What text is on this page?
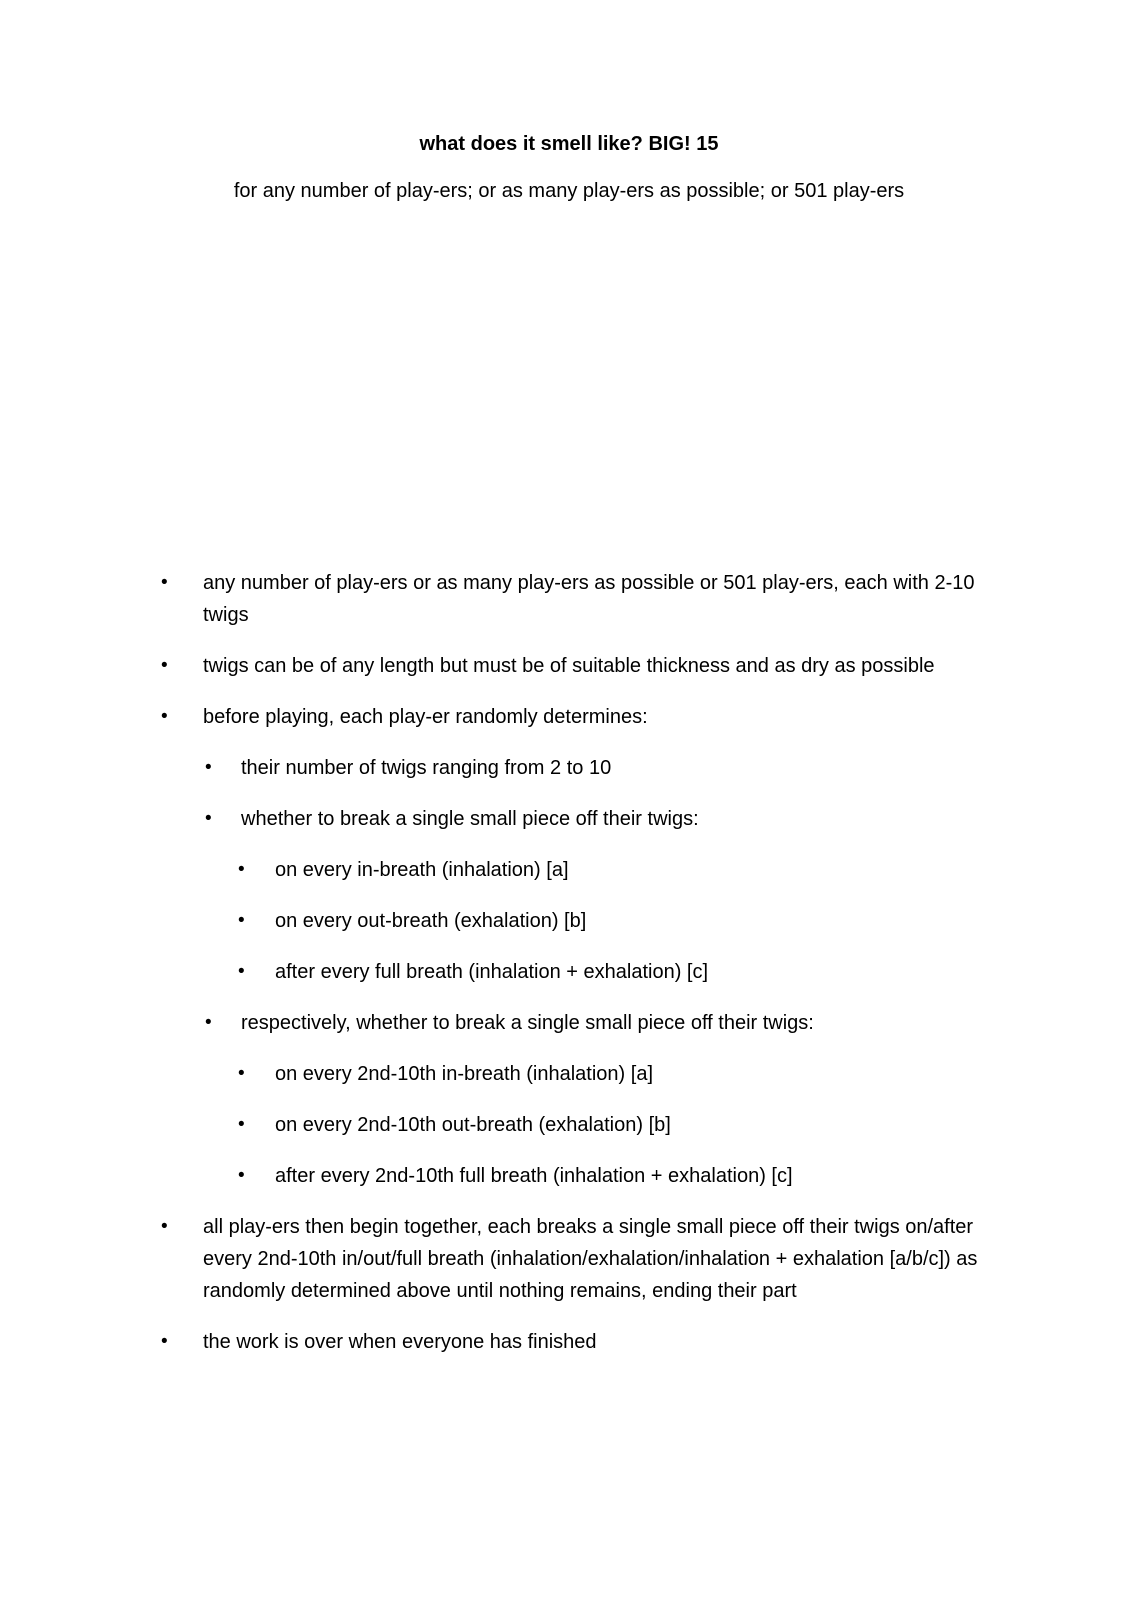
what does it smell like? BIG! 15

for any number of play-ers; or as many play-ers as possible; or 501 play-ers

• any number of play-ers or as many play-ers as possible or 501 play-ers, each with 2-10 twigs
• twigs can be of any length but must be of suitable thickness and as dry as possible
• before playing, each play-er randomly determines:
• their number of twigs ranging from 2 to 10
• whether to break a single small piece off their twigs:
• on every in-breath (inhalation) [a]
• on every out-breath (exhalation) [b]
• after every full breath (inhalation + exhalation) [c]
• respectively, whether to break a single small piece off their twigs:
• on every 2nd-10th in-breath (inhalation) [a]
• on every 2nd-10th out-breath (exhalation) [b]
• after every 2nd-10th full breath (inhalation + exhalation) [c]
• all play-ers then begin together, each breaks a single small piece off their twigs on/after every 2nd-10th in/out/full breath (inhalation/exhalation/inhalation + exhalation [a/b/c]) as randomly determined above until nothing remains, ending their part
• the work is over when everyone has finished
